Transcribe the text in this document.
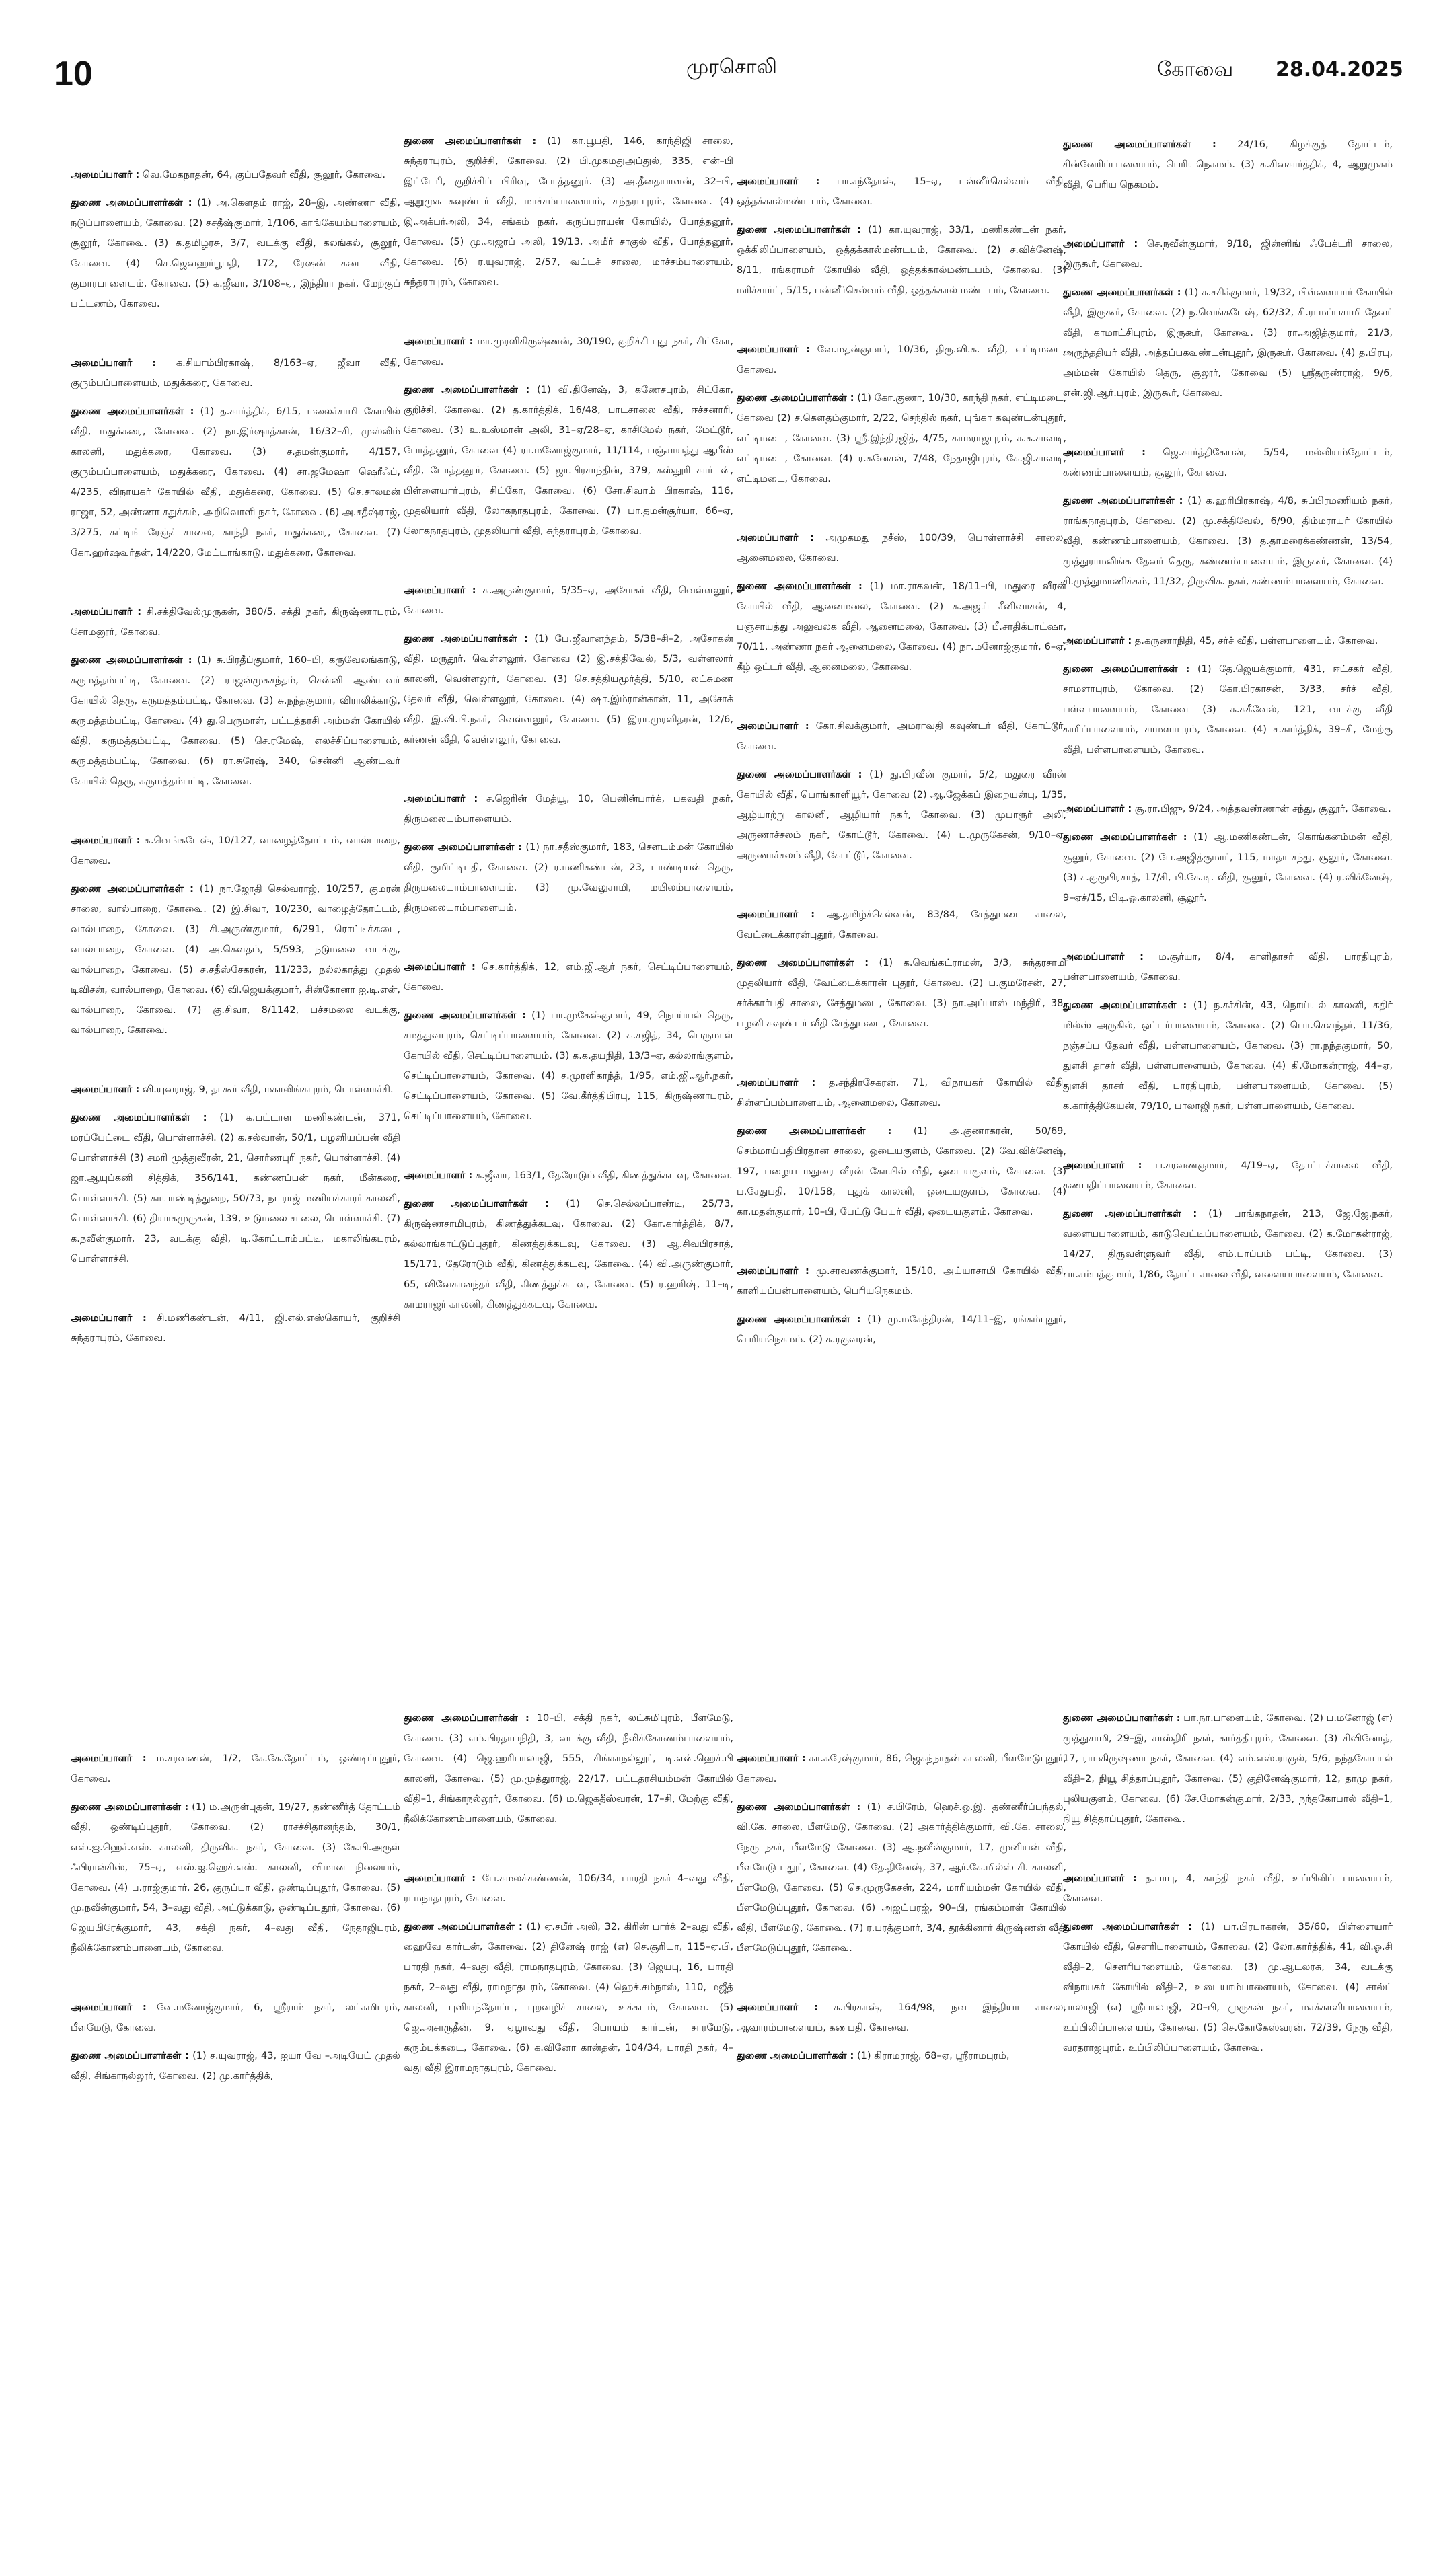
10	முரசொலி	கோவை 28.04.2025

அமைப்பாளர் : வெ.மேகநாதன், 64, குப்பதேவர் வீதி, சூலூர், கோவை.

துணை அமைப்பாளர்கள் : (1) அ.கௌதம் ராஜ், 28–இ, அண்ணா வீதி, நடுப்பாளையம், கோவை. (2) சசதீஷ்குமார், 1/106, காங்கேயம்பாளையம், சூலூர், கோவை. (3) க.தமிழரசு, 3/7, வடக்கு வீதி, கலங்கல், சூலூர், கோவை. (4) செ.ஜெவஹர்பூபதி, 172, ரேஷன் கடை வீதி, குமாரபாளையம், கோவை. (5) க.ஜீவா, 3/108–ஏ, இந்திரா நகர், மேற்குப் பட்டணம், கோவை.

அமைப்பாளர் : க.சியாம்பிரகாஷ், 8/163–ஏ, ஜீவா வீதி, குரும்பப்பாளையம், மதுக்கரை, கோவை.

துணை அமைப்பாளர்கள் : (1) த.கார்த்திக், 6/15, மலைச்சாமி கோயில் வீதி, மதுக்கரை, கோவை. (2) நா.இர்ஷாத்கான், 16/32–சி, முஸ்லிம் காலனி, மதுக்கரை, கோவை. (3) ச.தமன்குமார், 4/157, குரும்பப்பாளையம், மதுக்கரை, கோவை. (4) சா.ஜமேஷா ஷெரீஃப், 4/235, விநாயகர் கோயில் வீதி, மதுக்கரை, கோவை. (5) செ.சாலமன் ராஜா, 52, அண்ணா சதுக்கம், அறிவொளி நகர், கோவை. (6) அ.சதீஷ்ராஜ், 3/275, கட்டிங் ரேஞ்ச் சாலை, காந்தி நகர், மதுக்கரை, கோவை. (7) கோ.ஹர்ஷவர்தன், 14/220, மேட்டாங்காடு, மதுக்கரை, கோவை.

அமைப்பாளர் : சி.சக்திவேல்முருகன், 380/5, சக்தி நகர், கிருஷ்ணாபுரம், சோமனூர், கோவை.

துணை அமைப்பாளர்கள் : (1) சு.பிரதீப்குமார், 160–பி, கருவேலங்காடு, கருமத்தம்பட்டி, கோவை. (2) ராஜன்முகசந்தம், சென்னி ஆண்டவர் கோயில் தெரு, கருமத்தம்பட்டி, கோவை. (3) சு.நந்தகுமார், விராலிக்காடு, கருமத்தம்பட்டி, கோவை. (4) து.பெருமாள், பட்டத்தரசி அம்மன் கோயில் வீதி, கருமத்தம்பட்டி, கோவை. (5) செ.ரமேஷ், எலச்சிப்பாளையம், கருமத்தம்பட்டி, கோவை. (6) ரா.சுரேஷ், 340, சென்னி ஆண்டவர் கோயில் தெரு, கருமத்தம்பட்டி, கோவை.

அமைப்பாளர் : சு.வெங்கடேஷ், 10/127, வாழைத்தோட்டம், வால்பாறை, கோவை.

துணை அமைப்பாளர்கள் : (1) நா.ஜோதி செல்வராஜ், 10/257, குமரன் சாலை, வால்பாறை, கோவை. (2) இ.சிவா, 10/230, வாழைத்தோட்டம், வால்பாறை, கோவை. (3) சி.அருண்குமார், 6/291, ரொட்டிக்கடை, வால்பாறை, கோவை. (4) அ.கௌதம், 5/593, நடுமலை வடக்கு, வால்பாறை, கோவை. (5) ச.சதீஸ்சேகரன், 11/233, நல்லகாத்து முதல் டிவிசன், வால்பாறை, கோவை. (6) வி.ஜெயக்குமார், சின்கோனா ஐ.டி.என், வால்பாறை, கோவை. (7) கு.சிவா, 8/1142, பச்சமலை வடக்கு, வால்பாறை, கோவை.

அமைப்பாளர் : வி.யுவராஜ், 9, தாகூர் வீதி, மகாலிங்கபுரம், பொள்ளாச்சி.

துணை அமைப்பாளர்கள் : (1) க.பட்டாள மணிகண்டன், 371, மரப்பேட்டை வீதி, பொள்ளாச்சி. (2) க.சல்வரன், 50/1, பழனியப்பன் வீதி பொள்ளாச்சி (3) சமரி முத்துவீரன், 21, சொர்ணபுரி நகர், பொள்ளாச்சி. (4) ஜா.ஆயுப்கனி சித்திக், 356/141, கண்ணப்பன் நகர், மீன்கரை, பொள்ளாச்சி. (5) காயாண்டித்துறை, 50/73, நடராஜ் மணியக்காரர் காலனி, பொள்ளாச்சி. (6) தியாகமுருகன், 139, உடுமலை சாலை, பொள்ளாச்சி. (7) க.நவீன்குமார், 23, வடக்கு வீதி, டி.கோட்டாம்பட்டி, மகாலிங்கபுரம், பொள்ளாச்சி.

அமைப்பாளர் : சி.மணிகண்டன், 4/11, ஜி.எல்.எஸ்கொயர், குறிச்சி சுந்தராபுரம், கோவை.

துணை அமைப்பாளர்கள் : (1) கா.பூபதி, 146, காந்திஜி சாலை, சுந்தராபுரம், குறிச்சி, கோவை. (2) பி.முகமதுஅப்துல், 335, என்–பி இட்டேரி, குறிச்சிப் பிரிவு, போத்தனூர். (3) அ.தீனதயாளன், 32–பி, ஆறுமுக கவுண்டர் வீதி, மாச்சம்பாளையம், சுந்தராபுரம், கோவை. (4) இ.அக்பர்அலி, 34, சங்கம் நகர், கருப்பராயன் கோயில், போத்தனூர், கோவை. (5) மு.அஜரப் அலி, 19/13, அமீர் சாகுல் வீதி, போத்தனூர், கோவை. (6) ர.யுவராஜ், 2/57, வட்டச் சாலை, மாச்சம்பாளையம், சுந்தராபுரம், கோவை.

அமைப்பாளர் : மா.முரளிகிருஷ்ணன், 30/190, குறிச்சி புது நகர், சிட்கோ, கோவை.

துணை அமைப்பாளர்கள் : (1) வி.தினேஷ், 3, கணேசபுரம், சிட்கோ, குறிச்சி, கோவை. (2) த.கார்த்திக், 16/48, பாடசாலை வீதி, ஈச்சனாரி, கோவை. (3) உ.உஸ்மான் அலி, 31–ஏ/28–ஏ, காசிமேல் நகர், மேட்டூர், போத்தனூர், கோவை (4) ரா.மனோஜ்குமார், 11/114, பஞ்சாயத்து ஆபீஸ் வீதி, போத்தனூர், கோவை. (5) ஜா.பிரசாந்தின், 379, கஸ்தூரி கார்டன், பிள்ளையார்புரம், சிட்கோ, கோவை. (6) சோ.சிவாம் பிரகாஷ், 116, முதலியார் வீதி, லோகநாதபுரம், கோவை. (7) பா.தமன்சூர்யா, 66–ஏ, லோகநாதபுரம், முதலியார் வீதி, சுந்தராபுரம், கோவை.

அமைப்பாளர் : சு.அருண்குமார், 5/35–ஏ, அசோகர் வீதி, வெள்ளலூர், கோவை.

துணை அமைப்பாளர்கள் : (1) பே.ஜீவானந்தம், 5/38–சி–2, அசோகன் வீதி, மருதூர், வெள்ளலூர், கோவை (2) இ.சக்திவேல், 5/3, வள்ளலார் காலனி, வெள்ளலூர், கோவை. (3) செ.சத்தியமூர்த்தி, 5/10, லட்சுமண தேவர் வீதி, வெள்ளலூர், கோவை. (4) ஷா.இம்ரான்கான், 11, அசோக் வீதி, இ.வி.பி.நகர், வெள்ளலூர், கோவை. (5) இரா.முரளிதரன், 12/6, கர்ணன் வீதி, வெள்ளலூர், கோவை.

அமைப்பாளர் : ச.ஜெரின் மேத்யூ, 10, பெனின்பார்க், பகவதி நகர், திருமலையம்பாளையம்.

துணை அமைப்பாளர்கள் : (1) நா.சதீஸ்குமார், 183, செளடம்மன் கோயில் வீதி, குமிட்டிபதி, கோவை. (2) ர.மணிகண்டன், 23, பாண்டியன் தெரு, திருமலையாம்பாளையம். (3) மு.வேலுசாமி, மயிலம்பாளையம், திருமலையாம்பாளையம்.

அமைப்பாளர் : செ.கார்த்திக், 12, எம்.ஜி.ஆர் நகர், செட்டிப்பாளையம், கோவை.

துணை அமைப்பாளர்கள் : (1) பா.முகேஷ்குமார், 49, நொய்யல் தெரு, சமத்துவபுரம், செட்டிப்பாளையம், கோவை. (2) க.சஜித், 34, பெருமாள் கோயில் வீதி, செட்டிப்பாளையம். (3) க.க.தயநிதி, 13/3–ஏ, கல்லாங்குளம், செட்டிப்பாளையம், கோவை. (4) ச.முரளிகாந்த், 1/95, எம்.ஜி.ஆர்.நகர், செட்டிப்பாளையம், கோவை. (5) வே.கீர்த்திபிரபு, 115, கிருஷ்ணாபுரம், செட்டிப்பாளையம், கோவை.

அமைப்பாளர் : க.ஜீவா, 163/1, தேரோடும் வீதி, கிணத்துக்கடவு, கோவை.

துணை அமைப்பாளர்கள் : (1) செ.செல்லப்பாண்டி, 25/73, கிருஷ்ணசாமிபுரம், கிணத்துக்கடவு, கோவை. (2) கோ.கார்த்திக், 8/7, கல்லாங்காட்டுப்புதூர், கிணத்துக்கடவு, கோவை. (3) ஆ.சிவபிரசாத், 15/171, தேரோடும் வீதி, கிணத்துக்கடவு, கோவை. (4) வி.அருண்குமார், 65, விவேகானந்தர் வீதி, கிணத்துக்கடவு, கோவை. (5) ர.ஹரிஷ், 11–டி, காமராஜர் காலனி, கிணத்துக்கடவு, கோவை.

அமைப்பாளர் : பா.சந்தோஷ், 15–ஏ, பன்னீர்செல்வம் வீதி, ஒத்தக்கால்மண்டபம், கோவை.

துணை அமைப்பாளர்கள் : (1) கா.யுவராஜ், 33/1, மணிகண்டன் நகர், ஒக்கிலிப்பாளையம், ஒத்தக்கால்மண்டபம், கோவை. (2) ச.விக்னேஷ், 8/11, ரங்கராமர் கோயில் வீதி, ஒத்தக்கால்மண்டபம், கோவை. (3) மரிச்சார்ட், 5/15, பன்னீர்செல்வம் வீதி, ஒத்தக்கால் மண்டபம், கோவை.

அமைப்பாளர் : வே.மதன்குமார், 10/36, திரு.வி.க. வீதி, எட்டிமடை, கோவை.

துணை அமைப்பாளர்கள் : (1) கோ.குணா, 10/30, காந்தி நகர், எட்டிமடை, கோவை (2) ச.கௌதம்குமார், 2/22, செந்தில் நகர், புங்கா கவுண்டன்புதூர், எட்டிமடை, கோவை. (3) ஸ்ரீ.இந்திரஜித், 4/75, காமராஜபுரம், க.க.சாவடி, எட்டிமடை, கோவை. (4) ர.கனேசன், 7/48, நேதாஜிபுரம், கே.ஜி.சாவடி, எட்டிமடை, கோவை.

அமைப்பாளர் : அமுகமது நசீஸ், 100/39, பொள்ளாச்சி சாலை, ஆனைமலை, கோவை.

துணை அமைப்பாளர்கள் : (1) மா.ராகவன், 18/11–பி, மதுரை வீரன் கோயில் வீதி, ஆனைமலை, கோவை. (2) க.அஜய் சீனிவாசன், 4, பஞ்சாயத்து அலுவலக வீதி, ஆனைமலை, கோவை. (3) பீ.சாதிக்பாட்ஷா, 70/11, அண்ணா நகர் ஆனைமலை, கோவை. (4) நா.மனோஜ்குமார், 6–ஏ, கீழ் ஒட்டர் வீதி, ஆனைமலை, கோவை.

அமைப்பாளர் : கோ.சிவக்குமார், அமராவதி கவுண்டர் வீதி, கோட்டூர், கோவை.

துணை அமைப்பாளர்கள் : (1) து.பிரவீன் குமார், 5/2, மதுரை வீரன் கோயில் வீதி, பொங்காளியூர், கோவை (2) ஆ.ஜேக்கப் இறையன்பு, 1/35, ஆழ்யாற்று காலனி, ஆழியார் நகர், கோவை. (3) முபாரூர் அலி, அருணாச்சலம் நகர், கோட்டூர், கோவை. (4) ப.முருகேசன், 9/10–ஏ, அருணாச்சலம் வீதி, கோட்டூர், கோவை.

அமைப்பாளர் : ஆ.தமிழ்ச்செல்வன், 83/84, சேத்துமடை சாலை, வேட்டைக்காரன்புதூர், கோவை.

துணை அமைப்பாளர்கள் : (1) க.வெங்கட்ராமன், 3/3, சுந்தரசாமி முதலியார் வீதி, வேட்டைக்காரன் புதூர், கோவை. (2) ப.குமரேசன், 27, சர்க்கார்பதி சாலை, சேத்துமடை, கோவை. (3) நா.அப்பாஸ் மந்திரி, 38, பழனி கவுண்டர் வீதி சேத்துமடை, கோவை.

அமைப்பாளர் : த.சந்திரசேகரன், 71, விநாயகர் கோயில் வீதி, சின்னப்பம்பாளையம், ஆனைமலை, கோவை.

துணை அமைப்பாளர்கள் : (1) அ.குணாகரன், 50/69, செம்மாய்பதிபிரதான சாலை, ஒடையகுளம், கோவை. (2) வே.விக்னேஷ், 197, பழைய மதுரை வீரன் கோயில் வீதி, ஒடையகுளம், கோவை. (3) ப.சேதுபதி, 10/158, புதுக் காலனி, ஒடையகுளம், கோவை. (4) கா.மதன்குமார், 10–பி, பேட்டு பேயர் வீதி, ஒடையகுளம், கோவை.

அமைப்பாளர் : மு.சரவணக்குமார், 15/10, அய்யாசாமி கோயில் வீதி, காளியப்பன்பாளையம், பெரியநெகமம்.

துணை அமைப்பாளர்கள் : (1) மு.மகேந்திரன், 14/11–இ, ரங்கம்புதூர், பெரியநெகமம். (2) சு.ரகுவரன்,

துணை அமைப்பாளர்கள் : 24/16, கிழக்குத் தோட்டம், சின்னேரிப்பாளையம், பெரியநெகமம். (3) சு.சிவகார்த்திக், 4, ஆறுமுகம் வீதி, பெரிய நெகமம்.

அமைப்பாளர் : செ.நவீன்குமார், 9/18, ஜின்னிங் ஃபேக்டரி சாலை, இருகூர், கோவை.

துணை அமைப்பாளர்கள் : (1) க.சசிக்குமார், 19/32, பிள்ளையார் கோயில் வீதி, இருகூர், கோவை. (2) ந.வெங்கடேஷ், 62/32, சி.ராமப்பசாமி தேவர் வீதி, காமாட்சிபுரம், இருகூர், கோவை. (3) ரா.அஜித்குமார், 21/3, அருந்ததியர் வீதி, அத்தப்பகவுண்டன்புதூர், இருகூர், கோவை. (4) த.பிரபு, அம்மன் கோயில் தெரு, சூலூர், கோவை (5) ஸ்ரீதருண்ராஜ், 9/6, என்.ஜி.ஆர்.புரம், இருகூர், கோவை.

அமைப்பாளர் : ஜெ.கார்த்திகேயன், 5/54, மல்லியம்தோட்டம், கண்ணம்பாளையம், சூலூர், கோவை.

துணை அமைப்பாளர்கள் : (1) க.ஹரிபிரகாஷ், 4/8, சுப்பிரமணியம் நகர், ராங்கநாதபுரம், கோவை. (2) மு.சக்திவேல், 6/90, திம்மராயர் கோயில் வீதி, கண்ணம்பாளையம், கோவை. (3) த.தாமரைக்கண்ணன், 13/54, முத்துராமலிங்க தேவர் தெரு, கண்ணம்பாளையம், இருகூர், கோவை. (4) சி.முத்துமாணிக்கம், 11/32, திருவிக. நகர், கண்ணம்பாளையம், கோவை.

அமைப்பாளர் : த.கருணாநிதி, 45, சர்ச் வீதி, பள்ளபாளையம், கோவை.

துணை அமைப்பாளர்கள் : (1) தே.ஜெயக்குமார், 431, ஈட்சகர் வீதி, சாமளாபுரம், கோவை. (2) கோ.பிரகாசன், 3/33, சர்ச் வீதி, பள்ளபாளையம், கோவை (3) க.சுகீவேல், 121, வடக்கு வீதி காரிப்பாளையம், சாமளாபுரம், கோவை. (4) ச.கார்த்திக், 39–சி, மேற்கு வீதி, பள்ளபாளையம், கோவை.

அமைப்பாளர் : சூ.ரா.பிஜு, 9/24, அத்தவண்ணான் சந்து, சூலூர், கோவை.

துணை அமைப்பாளர்கள் : (1) ஆ.மணிகண்டன், கொங்கனம்மன் வீதி, சூலூர், கோவை. (2) பே.அஜித்குமார், 115, மாதா சந்து, சூலூர், கோவை. (3) ச.குருபிரசாத், 17/சி, பி.கே.டி. வீதி, சூலூர், கோவை. (4) ர.விக்னேஷ், 9–ஏச்/15, பிடி.ஓ.காலனி, சூலூர்.

அமைப்பாளர் : ம.சூர்யா, 8/4, காளிதாசர் வீதி, பாரதிபுரம், பள்ளபாளையம், கோவை.

துணை அமைப்பாளர்கள் : (1) ந.சச்சின், 43, நொய்யல் காலனி, கதிர் மில்ஸ் அருகில், ஒட்டர்பாளையம், கோவை. (2) பொ.செளந்தர், 11/36, நஞ்சப்ப தேவர் வீதி, பள்ளபாளையம், கோவை. (3) ரா.நந்தகுமார், 50, துளசி தாசர் வீதி, பள்ளபாளையம், கோவை. (4) கி.மோகன்ராஜ், 44–ஏ, துளசி தாசர் வீதி, பாரதிபுரம், பள்ளபாளையம், கோவை. (5) க.கார்த்திகேயன், 79/10, பாலாஜி நகர், பள்ளபாளையம், கோவை.

அமைப்பாளர் : ப.சரவணகுமார், 4/19–ஏ, தோட்டச்சாலை வீதி, கணபதிப்பாளையம், கோவை.

துணை அமைப்பாளர்கள் : (1) பரங்கநாதன், 213, ஜே.ஜே.நகர், வளையபாளையம், காடுவெட்டிப்பாளையம், கோவை. (2) க.மோகன்ராஜ், 14/27, திருவள்ளுவர் வீதி, எம்.பாப்பம் பட்டி, கோவை. (3) பா.சம்பத்குமார், 1/86, தோட்டசாலை வீதி, வளையபாளையம், கோவை.

அமைப்பாளர் : ம.சரவணன், 1/2, கே.கே.தோட்டம், ஒண்டிப்புதூர், கோவை.

துணை அமைப்பாளர்கள் : (1) ம.அருள்புதன், 19/27, தண்ணீர்த் தோட்டம் வீதி, ஒண்டிப்புதூர், கோவை. (2) ராசச்சிதானந்தம், 30/1, எஸ்.ஐ.ஹெச்.எஸ். காலனி, திருவிக. நகர், கோவை. (3) கே.பி.அருள் ஃபிரான்சிஸ், 75–ஏ, எஸ்.ஐ.ஹெச்.எஸ். காலனி, விமான நிலையம், கோவை. (4) ப.ராஜ்குமார், 26, குருப்பா வீதி, ஒண்டிப்புதூர், கோவை. (5) மு.நவீன்குமார், 54, 3–வது வீதி, அட்டுக்காடு, ஒண்டிப்புதூர், கோவை. (6) ஜெயபிரேக்குமார், 43, சக்தி நகர், 4–வது வீதி, நேதாஜிபுரம், நீலிக்கோணம்பாளையம், கோவை.

அமைப்பாளர் : வே.மனோஜ்குமார், 6, ஸ்ரீராம் நகர், லட்சுமிபுரம், பீளமேடு, கோவை.

துணை அமைப்பாளர்கள் : (1) ச.யுவராஜ், 43, ஐயா வே –அடியேட் முதல் வீதி, சிங்காநல்லூர், கோவை. (2) மு.கார்த்திக்,

துணை அமைப்பாளர்கள் : 10–பி, சக்தி நகர், லட்சுமிபுரம், பீளமேடு, கோவை. (3) எம்.பிரதாபநிதி, 3, வடக்கு வீதி, நீலிக்கோணம்பாளையம், கோவை. (4) ஜெ.ஹரிபாலாஜி, 555, சிங்காநல்லூர், டி.என்.ஹெச்.பி காலனி, கோவை. (5) மு.முத்துராஜ், 22/17, பட்டதரசியம்மன் கோயில் வீதி–1, சிங்காநல்லூர், கோவை. (6) ம.ஜெகதீஸ்வரன், 17–சி, மேற்கு வீதி, நீலிக்கோணம்பாளையம், கோவை.

அமைப்பாளர் : பே.கமலக்கண்ணன், 106/34, பாரதி நகர் 4–வது வீதி, ராமநாதபுரம், கோவை.

துணை அமைப்பாளர்கள் : (1) ஏ.சபீர் அலி, 32, கிரின் பார்க் 2–வது வீதி, ஹைவே கார்டன், கோவை. (2) தினேஷ் ராஜ் (எ) செ.சூரியா, 115–ஏ.பி, பாரதி நகர், 4–வது வீதி, ராமநாதபுரம், கோவை. (3) ஜெயபு, 16, பாரதி நகர், 2–வது வீதி, ராமநாதபுரம், கோவை. (4) ஹெச்.சம்நாஸ், 110, மஜீத் காலனி, புளியந்தோப்பு, புறவழிச் சாலை, உக்கடம், கோவை. (5) ஜெ.அசாருதீன், 9, ஏழாவது வீதி, பொயம் கார்டன், சாரமேடு, கரும்புக்கடை, கோவை. (6) க.வினோ கான்தன், 104/34, பாரதி நகர், 4–வது வீதி இராமநாதபுரம், கோவை.

அமைப்பாளர் : கா.சுரேஷ்குமார், 86, ஜெகந்நாதன் காலனி, பீளமேடுபுதூர், கோவை.

துணை அமைப்பாளர்கள் : (1) ச.பிரேம், ஹெச்.ஓ.இ. தண்ணீர்ப்பந்தல், வி.கே. சாலை, பீளமேடு, கோவை. (2) அகார்த்திக்குமார், வி.கே. சாலை, நேரு நகர், பீளமேடு கோவை. (3) ஆ.நவீன்குமார், 17, முனியன் வீதி, பீளமேடு புதூர், கோவை. (4) தே.தினேஷ், 37, ஆர்.கே.மில்ஸ் சி. காலனி, பீளமேடு, கோவை. (5) செ.முருகேசன், 224, மாரியம்மன் கோயில் வீதி, பீளமேடுப்புதூர், கோவை. (6) அஜய்பரஜ், 90–பி, ரங்கம்மாள் கோயில் வீதி, பீளமேடு, கோவை. (7) ர.பரத்குமார், 3/4, தூக்கினார் கிருஷ்ணன் வீதி பீளமேடுப்புதூர், கோவை.

அமைப்பாளர் : க.பிரகாஷ், 164/98, நவ இந்தியா சாலை, ஆவாரம்பாளையம், கணபதி, கோவை.

துணை அமைப்பாளர்கள் : (1) கிராமராஜ், 68–ஏ, ஸ்ரீராமபுரம்,

துணை அமைப்பாளர்கள் : பா.நா.பாளையம், கோவை. (2) ப.மனோஜ் (எ) முத்துசாமி, 29–இ, சாஸ்திரி நகர், கார்த்திபுரம், கோவை. (3) சிவினோத், 17, ராமகிருஷ்ணா நகர், கோவை. (4) எம்.எஸ்.ராகுல், 5/6, நந்தகோபால் வீதி–2, நியூ சித்தாப்புதூர், கோவை. (5) குதினேஷ்குமார், 12, தாமு நகர், புலியகுளம், கோவை. (6) சே.மோகன்குமார், 2/33, நந்தகோபால் வீதி–1, நியூ சித்தாப்புதூர், கோவை.

அமைப்பாளர் : த.பாபு, 4, காந்தி நகர் வீதி, உப்பிலிப் பாளையம், கோவை.

துணை அமைப்பாளர்கள் : (1) பா.பிரபாகரன், 35/60, பிள்ளையார் கோயில் வீதி, சௌரிபாளையம், கோவை. (2) லோ.கார்த்திக், 41, வி.ஓ.சி வீதி–2, சௌரிபாளையம், கோவை. (3) மு.ஆடலரசு, 34, வடக்கு விநாயகர் கோயில் வீதி–2, உடையாம்பாளையம், கோவை. (4) சால்ட் பாலாஜி (எ) ஸ்ரீபாலாஜி, 20–பி, முருகன் நகர், மசக்காளிபாளையம், உப்பிலிப்பாளையம், கோவை. (5) செ.கோகேஸ்வரன், 72/39, நேரு வீதி, வரதராஜபுரம், உப்பிலிப்பாளையம், கோவை.
